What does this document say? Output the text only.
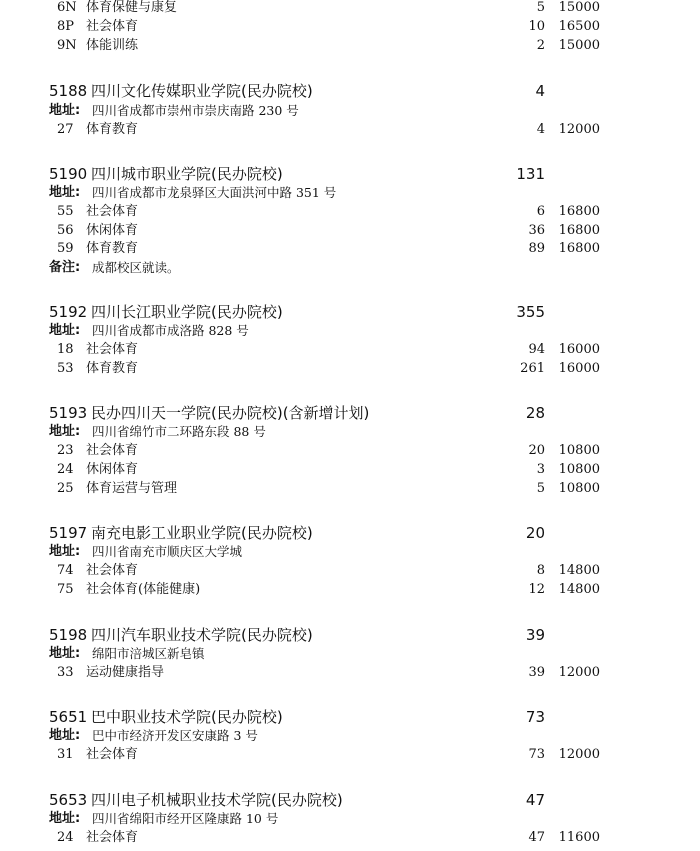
6N 体育保健与康复	5	15000
8P 社会体育	10	16500
9N 体能训练	2	15000
5188 四川文化传媒职业学院(民办院校)	4
地址: 四川省成都市崇州市崇庆南路 230 号
27 体育教育	4	12000
5190 四川城市职业学院(民办院校)	131
地址: 四川省成都市龙泉驿区大面洪河中路 351 号
55 社会体育	6	16800
56 休闲体育	36	16800
59 体育教育	89	16800
备注: 成都校区就读。
5192 四川长江职业学院(民办院校)	355
地址: 四川省成都市成洛路 828 号
18 社会体育	94	16000
53 体育教育	261	16000
5193 民办四川天一学院(民办院校)(含新增计划)	28
地址: 四川省绵竹市二环路东段 88 号
23 社会体育	20	10800
24 休闲体育	3	10800
25 体育运营与管理	5	10800
5197 南充电影工业职业学院(民办院校)	20
地址: 四川省南充市顺庆区大学城
74 社会体育	8	14800
75 社会体育(体能健康)	12	14800
5198 四川汽车职业技术学院(民办院校)	39
地址: 绵阳市涪城区新皂镇
33 运动健康指导	39	12000
5651 巴中职业技术学院(民办院校)	73
地址: 巴中市经济开发区安康路 3 号
31 社会体育	73	12000
5653 四川电子机械职业技术学院(民办院校)	47
地址: 四川省绵阳市经开区隆康路 10 号
24 社会体育	47	11600
